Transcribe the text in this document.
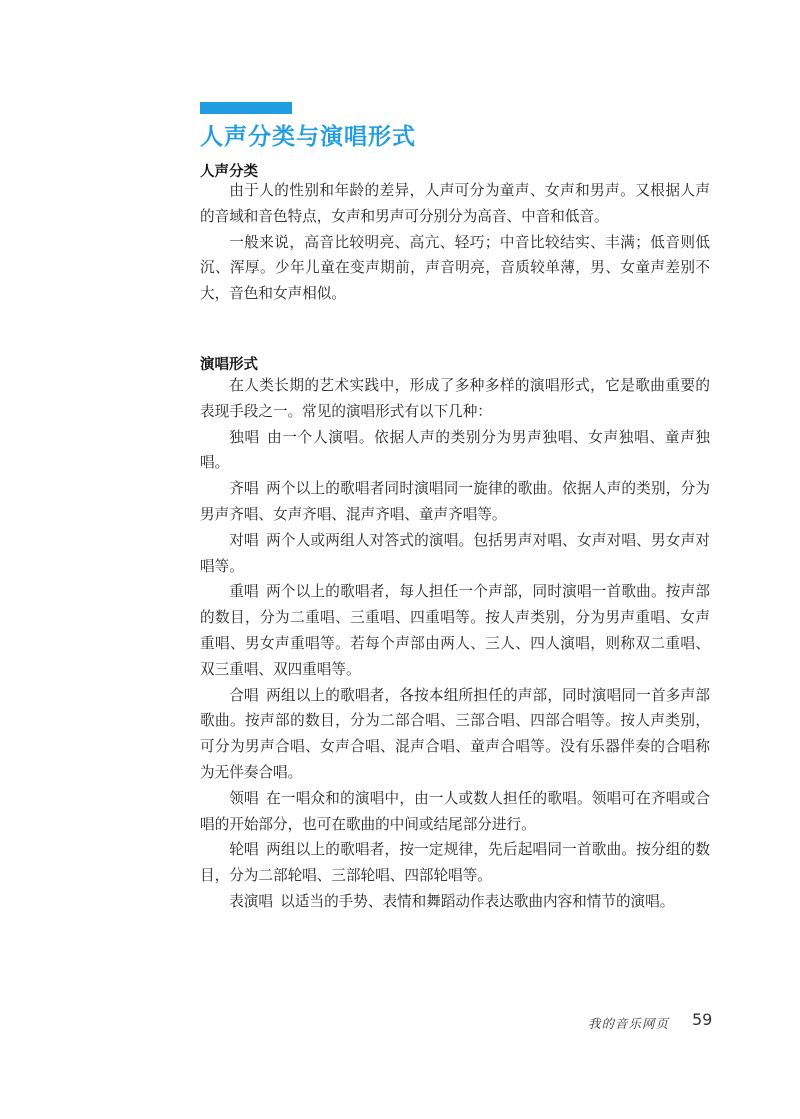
人声分类与演唱形式
人声分类

由于人的性别和年龄的差异，人声可分为童声、女声和男声。又根据人声的音域和音色特点，女声和男声可分别分为高音、中音和低音。

一般来说，高音比较明亮、高亢、轻巧；中音比较结实、丰满；低音则低沉、浑厚。少年儿童在变声期前，声音明亮，音质较单薄，男、女童声差别不大，音色和女声相似。

演唱形式

在人类长期的艺术实践中，形成了多种多样的演唱形式，它是歌曲重要的表现手段之一。常见的演唱形式有以下几种：

独唱 由一个人演唱。依据人声的类别分为男声独唱、女声独唱、童声独唱。

齐唱 两个以上的歌唱者同时演唱同一旋律的歌曲。依据人声的类别，分为男声齐唱、女声齐唱、混声齐唱、童声齐唱等。

对唱 两个人或两组人对答式的演唱。包括男声对唱、女声对唱、男女声对唱等。

重唱 两个以上的歌唱者，每人担任一个声部，同时演唱一首歌曲。按声部的数目，分为二重唱、三重唱、四重唱等。按人声类别，分为男声重唱、女声重唱、男女声重唱等。若每个声部由两人、三人、四人演唱，则称双二重唱、双三重唱、双四重唱等。

合唱 两组以上的歌唱者，各按本组所担任的声部，同时演唱同一首多声部歌曲。按声部的数目，分为二部合唱、三部合唱、四部合唱等。按人声类别，可分为男声合唱、女声合唱、混声合唱、童声合唱等。没有乐器伴奏的合唱称为无伴奏合唱。

领唱 在一唱众和的演唱中，由一人或数人担任的歌唱。领唱可在齐唱或合唱的开始部分，也可在歌曲的中间或结尾部分进行。

轮唱 两组以上的歌唱者，按一定规律，先后起唱同一首歌曲。按分组的数目，分为二部轮唱、三部轮唱、四部轮唱等。

表演唱 以适当的手势、表情和舞蹈动作表达歌曲内容和情节的演唱。

我的音乐网页 59
